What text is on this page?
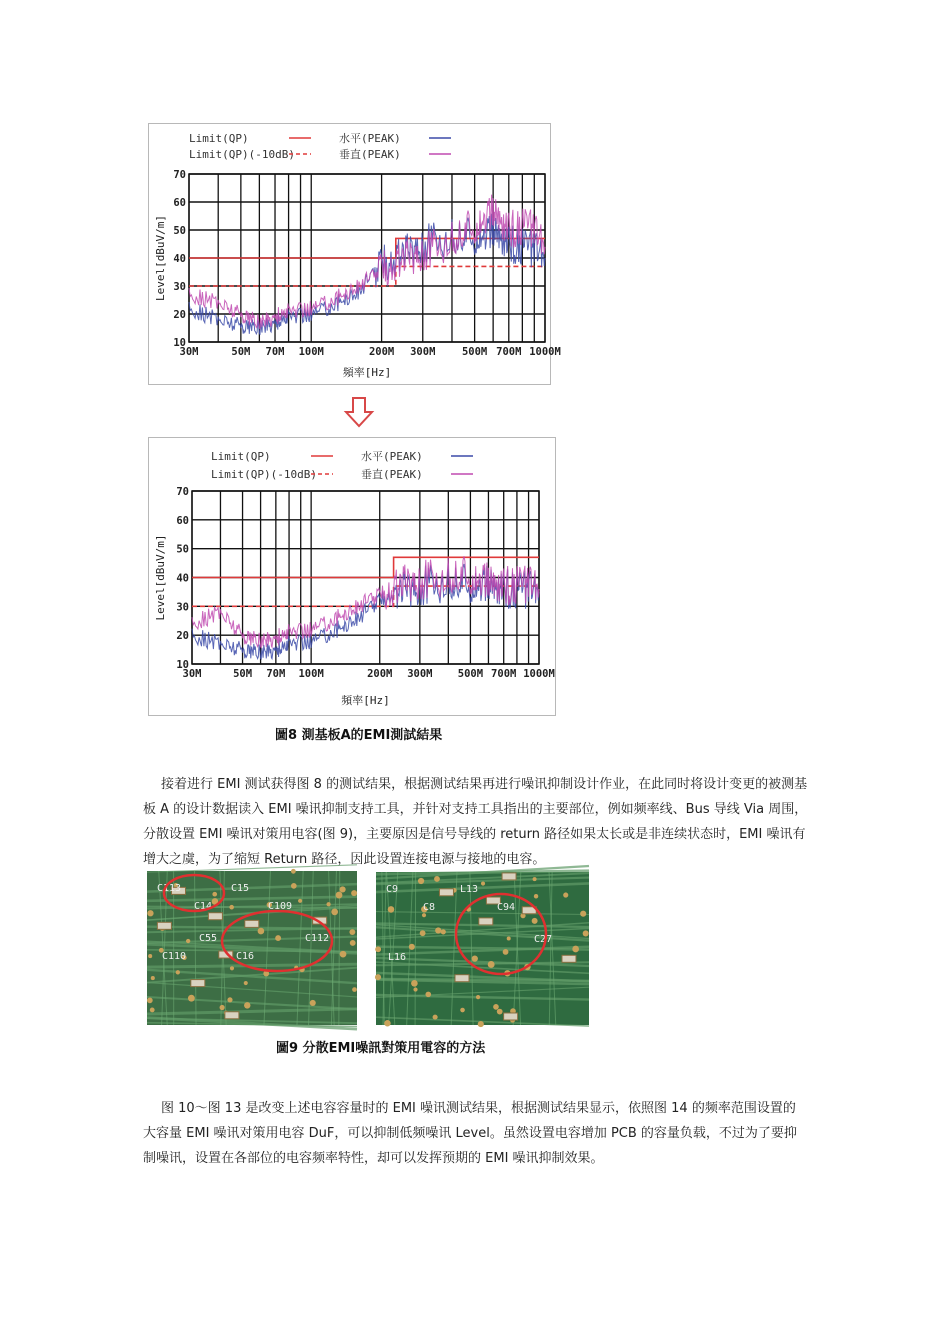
Limit(QP)
Limit(QP)(-10dB)
水平(PEAK)
垂直(PEAK)
70
60
50
40
30
20
10
30M	50M 70M 100M	200M 300M	500M 700M 1000M
Level[dBuV/m]
頻率[Hz]
Limit(QP)
Limit(QP)(-10dB)
水平(PEAK)
垂直(PEAK)
70
60
50
40
30
20
10
30M	50M 70M 100M	200M 300M 500M 700M 1000M
Level[dBuV/m]
頻率[Hz]
圖8 測基板A的EMI測試結果

接着进行 EMI 测试获得图 8 的测试结果，根据测试结果再进行噪讯抑制设计作业，在此同时将设计变更的被测基板 A 的设计数据读入 EMI 噪讯抑制支持工具，并针对支持工具指出的主要部位，例如频率线、Bus 导线 Via 周围，分散设置 EMI 噪讯对策用电容(图 9)，主要原因是信号导线的 return 路径如果太长或是非连续状态时，EMI 噪讯有增大之虞，为了缩短 Return 路径，因此设置连接电源与接地的电容。

C113
C14
C15
C109
C112
C110
C55
C16
C9
C8
L13
C94
C27
L16
圖9 分散EMI噪訊對策用電容的方法

图 10～图 13 是改变上述电容容量时的 EMI 噪讯测试结果，根据测试结果显示，依照图 14 的频率范围设置的大容量 EMI 噪讯对策用电容 DuF，可以抑制低频噪讯 Level。虽然设置电容增加 PCB 的容量负载，不过为了要抑制噪讯，设置在各部位的电容频率特性，却可以发挥预期的 EMI 噪讯抑制效果。
